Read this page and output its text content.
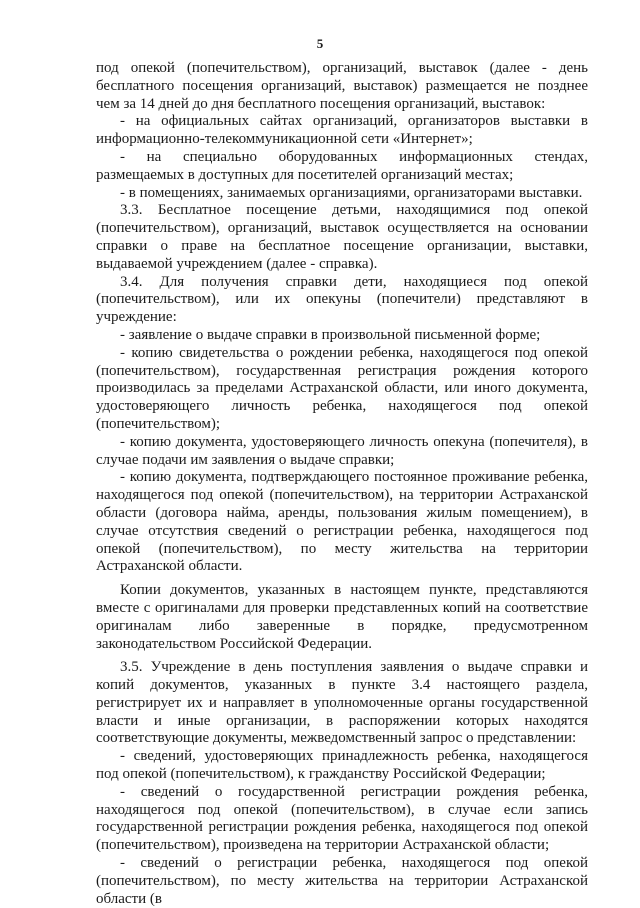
5

под опекой (попечительством), организаций, выставок (далее - день бесплатного посещения организаций, выставок) размещается не позднее чем за 14 дней до дня бесплатного посещения организаций, выставок:

- на официальных сайтах организаций, организаторов выставки в информационно-телекоммуникационной сети «Интернет»;

- на специально оборудованных информационных стендах, размещаемых в доступных для посетителей организаций местах;

- в помещениях, занимаемых организациями, организаторами выставки.

3.3. Бесплатное посещение детьми, находящимися под опекой (попечительством), организаций, выставок осуществляется на основании справки о праве на бесплатное посещение организации, выставки, выдаваемой учреждением (далее - справка).

3.4. Для получения справки дети, находящиеся под опекой (попечительством), или их опекуны (попечители) представляют в учреждение:

- заявление о выдаче справки в произвольной письменной форме;

- копию свидетельства о рождении ребенка, находящегося под опекой (попечительством), государственная регистрация рождения которого производилась за пределами Астраханской области, или иного документа, удостоверяющего личность ребенка, находящегося под опекой (попечительством);

- копию документа, удостоверяющего личность опекуна (попечителя), в случае подачи им заявления о выдаче справки;

- копию документа, подтверждающего постоянное проживание ребенка, находящегося под опекой (попечительством), на территории Астраханской области (договора найма, аренды, пользования жилым помещением), в случае отсутствия сведений о регистрации ребенка, находящегося под опекой (попечительством), по месту жительства на территории Астраханской области.

Копии документов, указанных в настоящем пункте, представляются вместе с оригиналами для проверки представленных копий на соответствие оригиналам либо заверенные в порядке, предусмотренном законодательством Российской Федерации.

3.5. Учреждение в день поступления заявления о выдаче справки и копий документов, указанных в пункте 3.4 настоящего раздела, регистрирует их и направляет в уполномоченные органы государственной власти и иные организации, в распоряжении которых находятся соответствующие документы, межведомственный запрос о представлении:

- сведений, удостоверяющих принадлежность ребенка, находящегося под опекой (попечительством), к гражданству Российской Федерации;

- сведений о государственной регистрации рождения ребенка, находящегося под опекой (попечительством), в случае если запись государственной регистрации рождения ребенка, находящегося под опекой (попечительством), произведена на территории Астраханской области;

- сведений о регистрации ребенка, находящегося под опекой (попечительством), по месту жительства на территории Астраханской области (в
